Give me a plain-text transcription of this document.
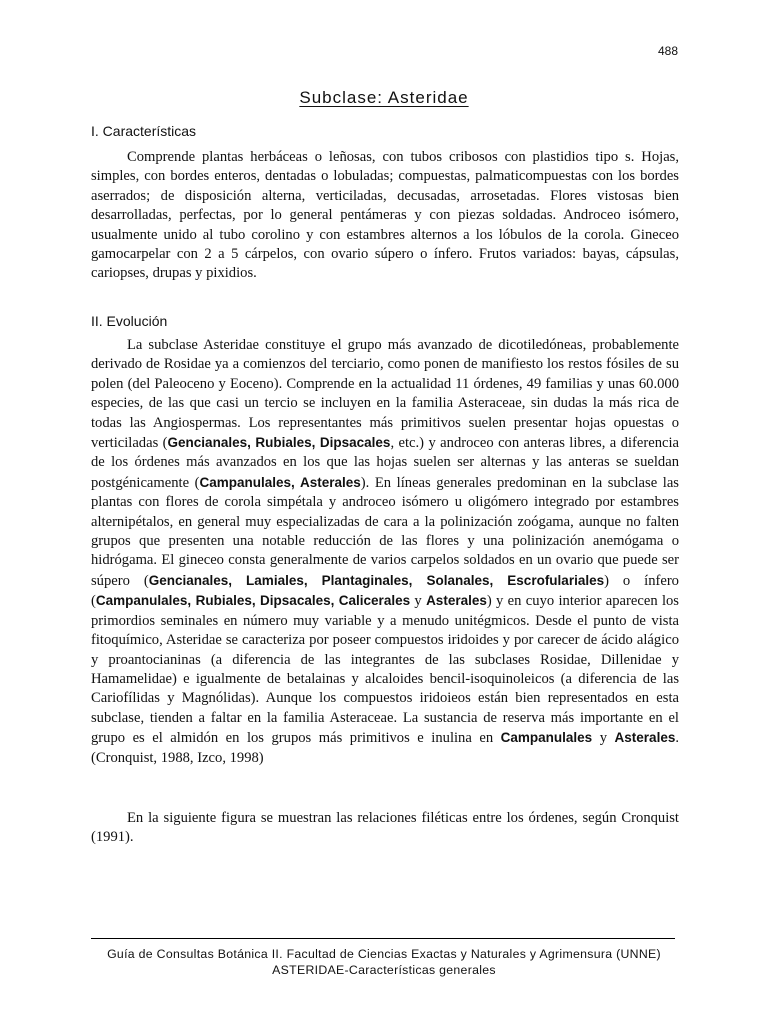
488
Subclase: Asteridae
I. Características

Comprende plantas herbáceas o leñosas, con tubos cribosos con plastidios tipo s. Hojas, simples, con bordes enteros, dentadas o lobuladas; compuestas, palmaticompuestas con los bordes aserrados; de disposición alterna, verticiladas, decusadas, arrosetadas. Flores vistosas bien desarrolladas, perfectas, por lo general pentámeras y con piezas soldadas. Androceo isómero, usualmente unido al tubo corolino y con estambres alternos a los lóbulos de la corola. Gineceo gamocarpelar con 2 a 5 cárpelos, con ovario súpero o ínfero. Frutos variados: bayas, cápsulas, cariopses, drupas y pixidios.

II. Evolución

La subclase Asteridae constituye el grupo más avanzado de dicotiledóneas, probablemente derivado de Rosidae ya a comienzos del terciario, como ponen de manifiesto los restos fósiles de su polen (del Paleoceno y Eoceno). Comprende en la actualidad 11 órdenes, 49 familias y unas 60.000 especies, de las que casi un tercio se incluyen en la familia Asteraceae, sin dudas la más rica de todas las Angiospermas. Los representantes más primitivos suelen presentar hojas opuestas o verticiladas (Gencianales, Rubiales, Dipsacales, etc.) y androceo con anteras libres, a diferencia de los órdenes más avanzados en los que las hojas suelen ser alternas y las anteras se sueldan postgénicamente (Campanulales, Asterales). En líneas generales predominan en la subclase las plantas con flores de corola simpétala y androceo isómero u oligómero integrado por estambres alternipétalos, en general muy especializadas de cara a la polinización zoógama, aunque no falten grupos que presenten una notable reducción de las flores y una polinización anemógama o hidrógama. El gineceo consta generalmente de varios carpelos soldados en un ovario que puede ser súpero (Gencianales, Lamiales, Plantaginales, Solanales, Escrofulariales) o ínfero (Campanulales, Rubiales, Dipsacales, Calicerales y Asterales) y en cuyo interior aparecen los primordios seminales en número muy variable y a menudo unitégmicos. Desde el punto de vista fitoquímico, Asteridae se caracteriza por poseer compuestos iridoides y por carecer de ácido alágico y proantocianinas (a diferencia de las integrantes de las subclases Rosidae, Dillenidae y Hamamelidae) e igualmente de betalainas y alcaloides bencil-isoquinoleicos (a diferencia de las Cariofílidas y Magnólidas). Aunque los compuestos iridoieos están bien representados en esta subclase, tienden a faltar en la familia Asteraceae. La sustancia de reserva más importante en el grupo es el almidón en los grupos más primitivos e inulina en Campanulales y Asterales. (Cronquist, 1988, Izco, 1998)

En la siguiente figura se muestran las relaciones filéticas entre los órdenes, según Cronquist (1991).

Guía de Consultas Botánica II. Facultad de Ciencias Exactas y Naturales y Agrimensura (UNNE)
ASTERIDAE-Características generales
